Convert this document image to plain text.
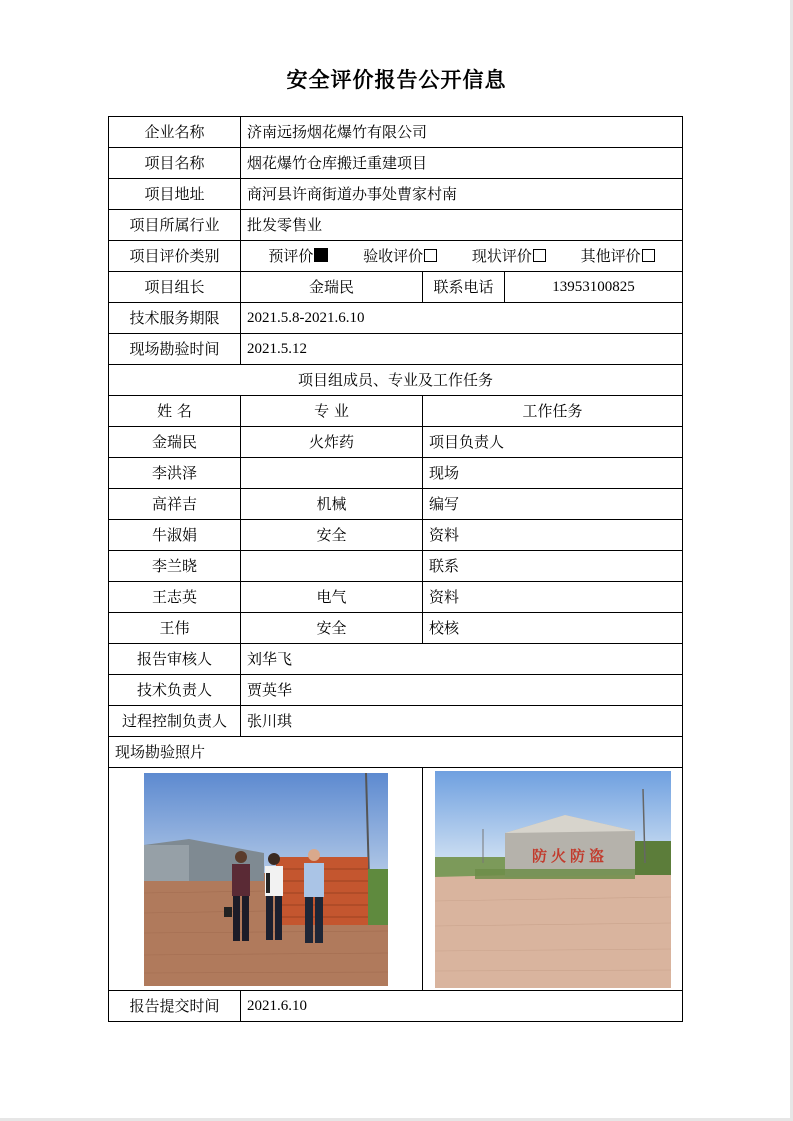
安全评价报告公开信息
企业名称	济南远扬烟花爆竹有限公司		
项目名称	烟花爆竹仓库搬迁重建项目		
项目地址	商河县许商街道办事处曹家村南		
项目所属行业	批发零售业		
项目评价类别	预评价 验收评价 现状评价 其他评价		

项目组长	金瑞民	联系电话	13953100825
技术服务期限	2021.5.8-2021.6.10		
现场勘验时间	2021.5.12		
项目组成员、专业及工作任务			
姓 名	专 业	工作任务	
金瑞民	火炸药	项目负责人	
李洪泽		现场	
高祥吉	机械	编写	
牛淑娟	安全	资料	
李兰晓		联系	
王志英	电气	资料	
王伟	安全	校核	
报告审核人	刘华飞		
技术负责人	贾英华		
过程控制负责人	张川琪		
现场勘验照片			

防火防盗	

报告提交时间	2021.6.10		
